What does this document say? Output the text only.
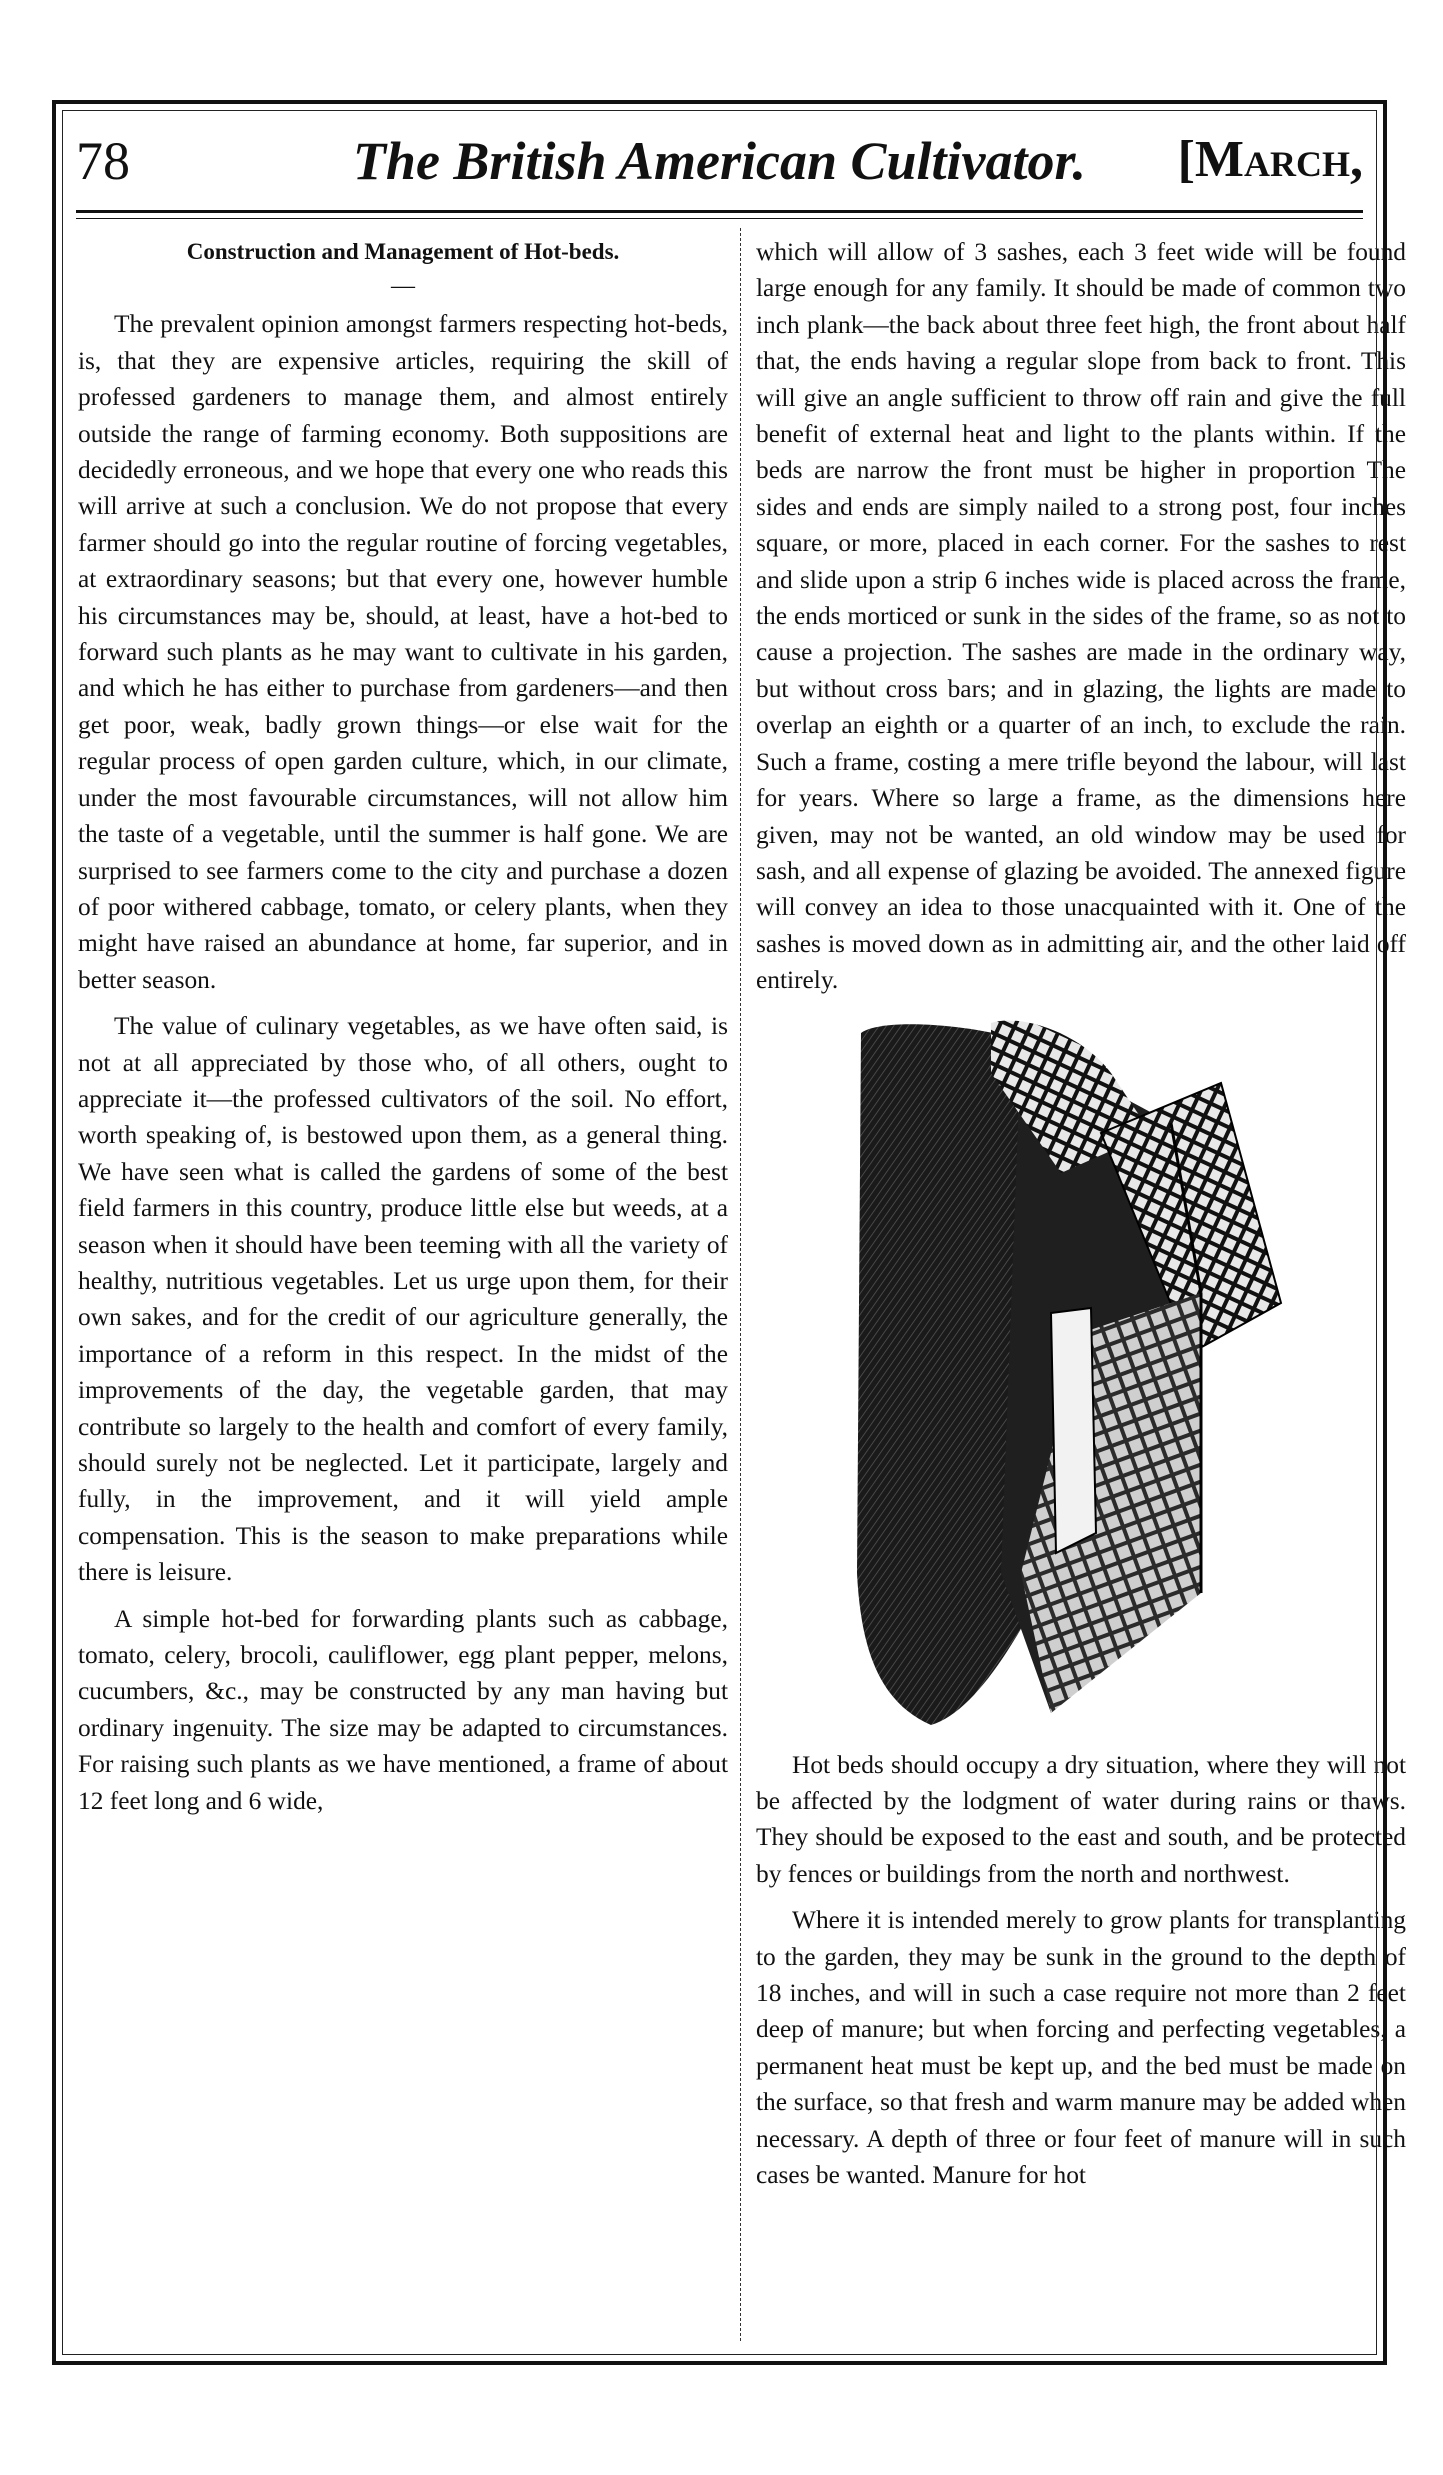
78	The British American Cultivator.	[March,
Construction and Management of Hot-beds.
—

The prevalent opinion amongst farmers respecting hot-beds, is, that they are expensive articles, requiring the skill of professed gardeners to manage them, and almost entirely outside the range of farming economy. Both suppositions are decidedly erroneous, and we hope that every one who reads this will arrive at such a conclusion. We do not propose that every farmer should go into the regular routine of forcing vegetables, at extraordinary seasons; but that every one, however humble his circumstances may be, should, at least, have a hot-bed to forward such plants as he may want to cultivate in his garden, and which he has either to purchase from gardeners—and then get poor, weak, badly grown things—or else wait for the regular process of open garden culture, which, in our climate, under the most favourable circumstances, will not allow him the taste of a vegetable, until the summer is half gone. We are surprised to see farmers come to the city and purchase a dozen of poor withered cabbage, tomato, or celery plants, when they might have raised an abundance at home, far superior, and in better season.

The value of culinary vegetables, as we have often said, is not at all appreciated by those who, of all others, ought to appreciate it—the professed cultivators of the soil. No effort, worth speaking of, is bestowed upon them, as a general thing. We have seen what is called the gardens of some of the best field farmers in this country, produce little else but weeds, at a season when it should have been teeming with all the variety of healthy, nutritious vegetables. Let us urge upon them, for their own sakes, and for the credit of our agriculture generally, the importance of a reform in this respect. In the midst of the improvements of the day, the vegetable garden, that may contribute so largely to the health and comfort of every family, should surely not be neglected. Let it participate, largely and fully, in the improvement, and it will yield ample compensation. This is the season to make preparations while there is leisure.

A simple hot-bed for forwarding plants such as cabbage, tomato, celery, brocoli, cauliflower, egg plant pepper, melons, cucumbers, &c., may be constructed by any man having but ordinary ingenuity. The size may be adapted to circumstances. For raising such plants as we have mentioned, a frame of about 12 feet long and 6 wide,

which will allow of 3 sashes, each 3 feet wide will be found large enough for any family. It should be made of common two inch plank—the back about three feet high, the front about half that, the ends having a regular slope from back to front. This will give an angle sufficient to throw off rain and give the full benefit of external heat and light to the plants within. If the beds are narrow the front must be higher in proportion The sides and ends are simply nailed to a strong post, four inches square, or more, placed in each corner. For the sashes to rest and slide upon a strip 6 inches wide is placed across the frame, the ends morticed or sunk in the sides of the frame, so as not to cause a projection. The sashes are made in the ordinary way, but without cross bars; and in glazing, the lights are made to overlap an eighth or a quarter of an inch, to exclude the rain. Such a frame, costing a mere trifle beyond the labour, will last for years. Where so large a frame, as the dimensions here given, may not be wanted, an old window may be used for sash, and all expense of glazing be avoided. The annexed figure will convey an idea to those unacquainted with it. One of the sashes is moved down as in admitting air, and the other laid off entirely.

Hot beds should occupy a dry situation, where they will not be affected by the lodgment of water during rains or thaws. They should be exposed to the east and south, and be protected by fences or buildings from the north and northwest.

Where it is intended merely to grow plants for transplanting to the garden, they may be sunk in the ground to the depth of 18 inches, and will in such a case require not more than 2 feet deep of manure; but when forcing and perfecting vegetables, a permanent heat must be kept up, and the bed must be made on the surface, so that fresh and warm manure may be added when necessary. A depth of three or four feet of manure will in such cases be wanted. Manure for hot
